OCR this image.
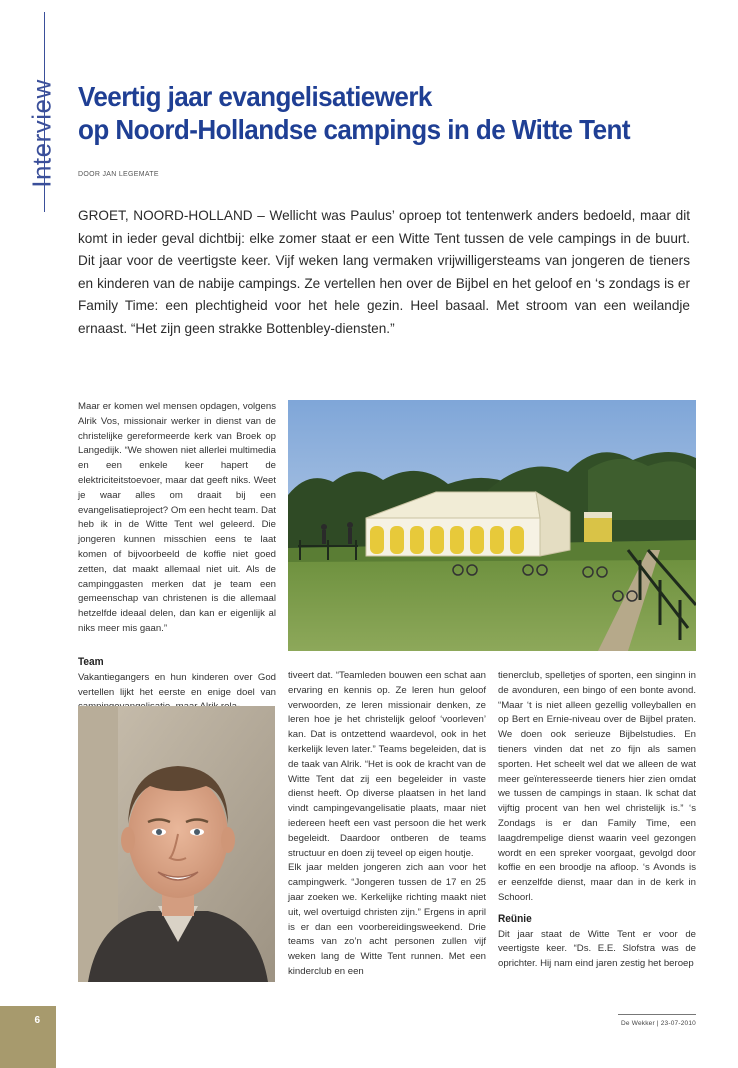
Interview Veertig jaar evangelisatiewerk
op Noord-Hollandse campings in de Witte Tent
DOOR JAN LEGEMATE

GROET, NOORD-HOLLAND – Wellicht was Paulus’ oproep tot tentenwerk anders bedoeld, maar dit komt in ieder geval dichtbij: elke zomer staat er een Witte Tent tussen de vele campings in de buurt. Dit jaar voor de veertigste keer. Vijf weken lang vermaken vrijwilligersteams van jongeren de tieners en kinderen van de nabije campings. Ze vertellen hen over de Bijbel en het geloof en ‘s zondags is er Family Time: een plechtigheid voor het hele gezin. Heel basaal. Met stroom van een weilandje ernaast. “Het zijn geen strakke Bottenbley-diensten.”

Maar er komen wel mensen opdagen, volgens Alrik Vos, missionair werker in dienst van de christelijke gereformeerde kerk van Broek op Langedijk. “We showen niet allerlei multimedia en een enkele keer hapert de elektriciteitstoevoer, maar dat geeft niks. Weet je waar alles om draait bij een evangelisatieproject? Om een hecht team. Dat heb ik in de Witte Tent wel geleerd. Die jongeren kunnen misschien eens te laat komen of bijvoorbeeld de koffie niet goed zetten, dat maakt allemaal niet uit. Als de campinggasten merken dat je team een gemeenschap van christenen is die allemaal hetzelfde ideaal delen, dan kan er eigenlijk al niks meer mis gaan.”

Team

Vakantiegangers en hun kinderen over God vertellen lijkt het eerste en enige doel van

tiveert dat. “Teamleden bouwen een schat aan ervaring en kennis op. Ze leren hun geloof verwoorden, ze leren missionair denken, ze leren hoe je het christelijk geloof ‘voorleven’ kan. Dat is ontzettend waardevol, ook in het kerkelijk leven later.” Teams begeleiden, dat is de taak van Alrik. “Het is ook de kracht van de Witte Tent dat zij een begeleider in vaste dienst heeft. Op diverse plaatsen in het land vindt campingevangelisatie plaats, maar niet iedereen heeft een vast persoon die het werk begeleidt. Daardoor ontberen de teams structuur en doen zij teveel op eigen houtje.

Elk jaar melden jongeren zich aan voor het campingwerk. “Jongeren tussen de 17 en 25 jaar zoeken we. Kerkelijke richting maakt niet uit, wel overtuigd christen zijn.” Ergens in april is er dan een voorbereidingsweekend. Drie teams van zo’n acht personen zullen vijf weken lang de Witte Tent runnen. Met een kinderclub en een

tienerclub, spelletjes of sporten, een singinn in de avonduren, een bingo of een bonte avond. “Maar ‘t is niet alleen gezellig volleyballen en op Bert en Ernie-niveau over de Bijbel praten. We doen ook serieuze Bijbelstudies. En tieners vinden dat net zo fijn als samen sporten. Het scheelt wel dat we alleen de wat meer geïnteresseerde tieners hier zien omdat we tussen de campings in staan. Ik schat dat vijftig procent van hen wel christelijk is.” ‘s Zondags is er dan Family Time, een laagdrempelige dienst waarin veel gezongen wordt en een spreker voorgaat, gevolgd door koffie en een broodje na afloop. ‘s Avonds is er eenzelfde dienst, maar dan in de kerk in Schoorl.

Reünie

Dit jaar staat de Witte Tent er voor de veertigste keer. “Ds. E.E. Slofstra was de oprichter. Hij nam eind jaren zestig het beroep

6	De Wekker | 23-07-2010
